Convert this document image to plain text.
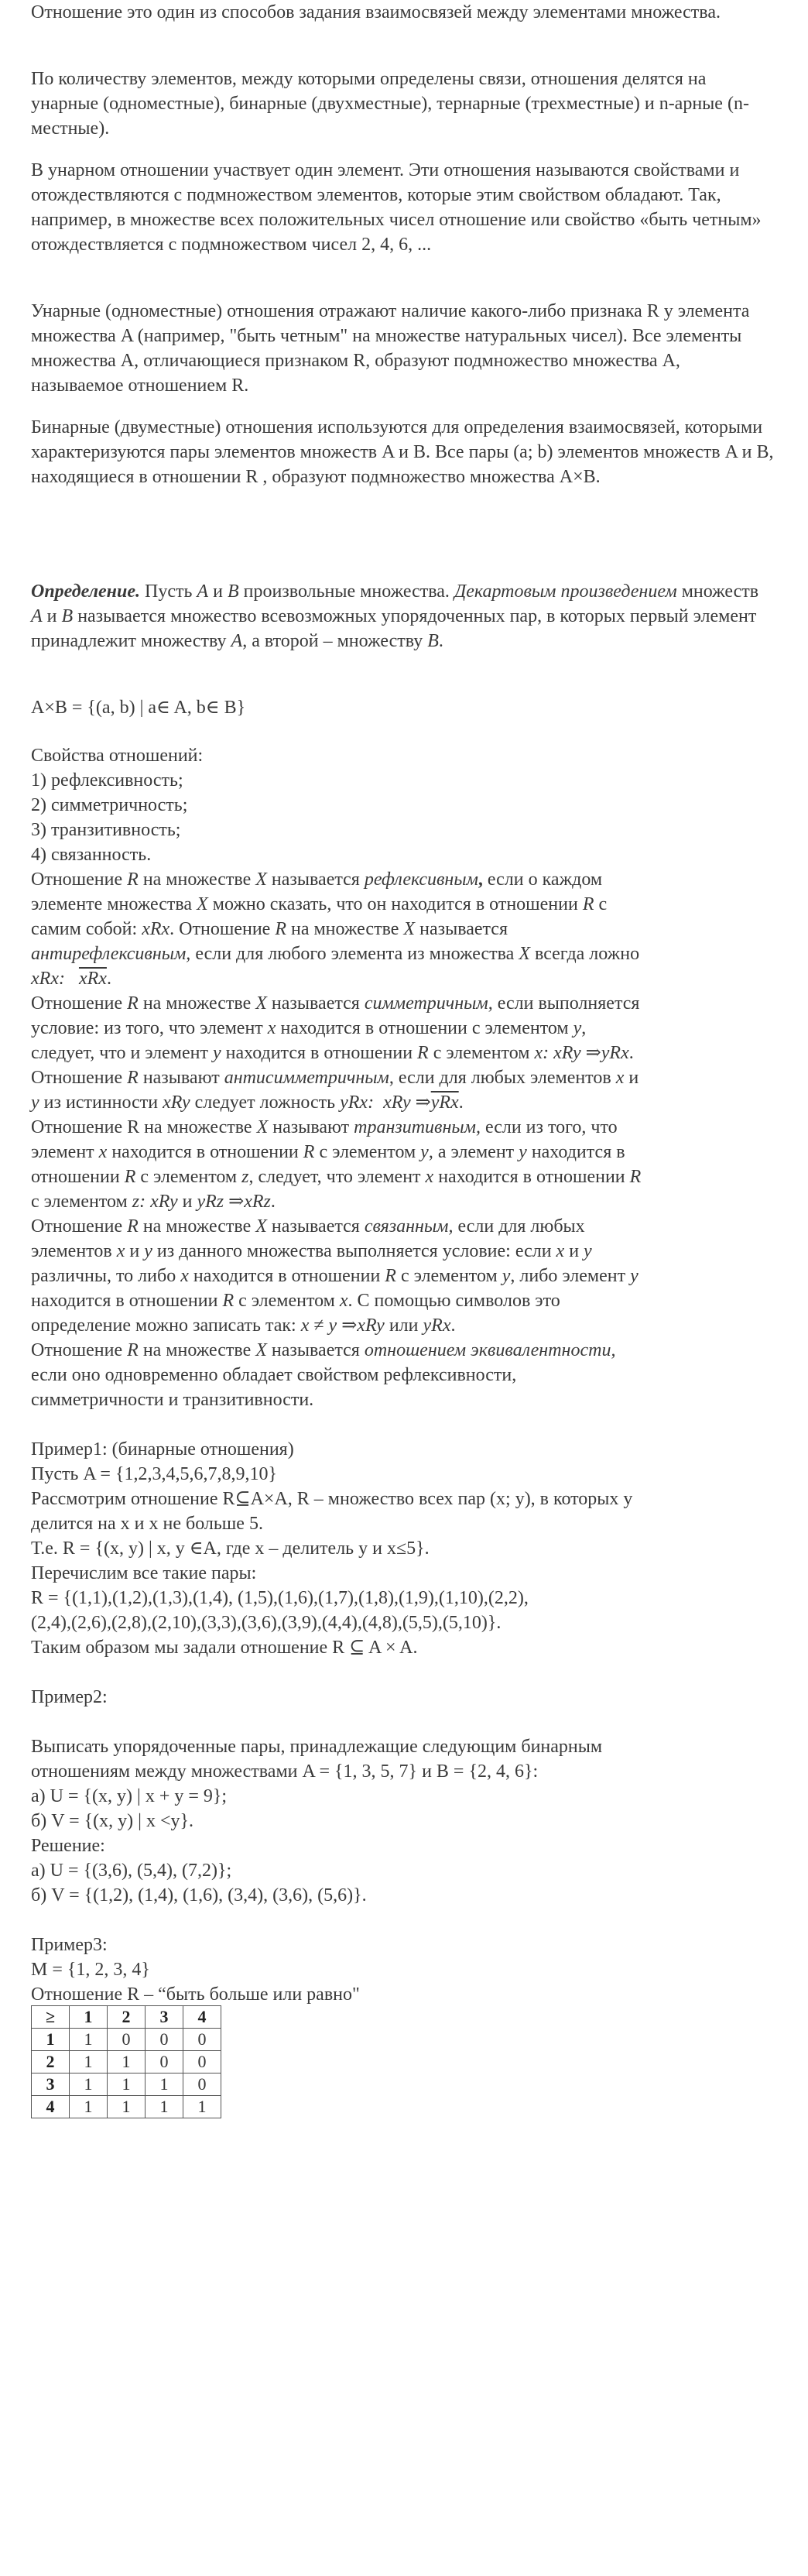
Отношение это один из способов задания взаимосвязей между элементами множества.
По количеству элементов, между которыми определены связи, отношения делятся на унарные (одноместные), бинарные (двухместные), тернарные (трехместные) и n-арные (n-местные).
В унарном отношении участвует один элемент. Эти отношения называются свойствами и отождествляются с подмножеством элементов, которые этим свойством обладают. Так, например, в множестве всех положительных чисел отношение или свойство «быть четным» отождествляется с подмножеством чисел 2, 4, 6, ...
Унарные (одноместные) отношения отражают наличие какого-либо признака R у элемента множества A (например, "быть четным" на множестве натуральных чисел). Все элементы множества A, отличающиеся признаком R, образуют подмножество множества A, называемое отношением R.
Бинарные (двуместные) отношения используются для определения взаимосвязей, которыми характеризуются пары элементов множеств A и B. Все пары (a; b) элементов множеств A и B, находящиеся в отношении R , образуют подмножество множества A×B.
Определение. Пусть A и B произвольные множества. Декартовым произведением множеств A и B называется множество всевозможных упорядоченных пар, в которых первый элемент принадлежит множеству A, а второй – множеству B.
A×B = {(a, b) | a∈ A, b∈ B}
Свойства отношений:
1) рефлексивность;
2) симметричность;
3) транзитивность;
4) связанность.
Отношение R на множестве X называется рефлексивным, если о каждом
элементе множества X можно сказать, что он находится в отношении R с
самим собой: xRx. Отношение R на множестве X называется
антирефлексивным, если для любого элемента из множества X всегда ложно
xRx: $\overline{xRx}$.
Отношение R на множестве X называется симметричным, если выполняется
условие: из того, что элемент x находится в отношении с элементом y,
следует, что и элемент y находится в отношении R с элементом x: xRy ⇒yRx.
Отношение R называют антисимметричным, если для любых элементов x и
y из истинности xRy следует ложность yRx: xRy $\Rightarrow\overline{yRx}$.
Отношение R на множестве X называют транзитивным, если из того, что
элемент x находится в отношении R с элементом y, а элемент y находится в
отношении R с элементом z, следует, что элемент x находится в отношении R
с элементом z: xRy и yRz ⇒xRz.
Отношение R на множестве X называется связанным, если для любых
элементов x и y из данного множества выполняется условие: если x и y
различны, то либо x находится в отношении R с элементом y, либо элемент y
находится в отношении R с элементом x. С помощью символов это
определение можно записать так: x ≠ y ⇒xRy или yRx.
Отношение R на множестве X называется отношением эквивалентности,
если оно одновременно обладает свойством рефлексивности,
симметричности и транзитивности.
Пример1: (бинарные отношения)
Пусть A = {1,2,3,4,5,6,7,8,9,10}
Рассмотрим отношение R⊆A×A, R – множество всех пар (x; y), в которых y
делится на x и x не больше 5.
Т.е. R = {(x, y) | x, y ∈A, где x – делитель y и x≤5}.
Перечислим все такие пары:
R = {(1,1),(1,2),(1,3),(1,4), (1,5),(1,6),(1,7),(1,8),(1,9),(1,10),(2,2),
(2,4),(2,6),(2,8),(2,10),(3,3),(3,6),(3,9),(4,4),(4,8),(5,5),(5,10)}.
Таким образом мы задали отношение R ⊆ A × A.
Пример2:
Выписать упорядоченные пары, принадлежащие следующим бинарным
отношениям между множествами A = {1, 3, 5, 7} и B = {2, 4, 6}:
а) U = {(x, y) | x + y = 9};
б) V = {(x, y) | x <y}.
Решение:
а) U = {(3,6), (5,4), (7,2)};
б) V = {(1,2), (1,4), (1,6), (3,4), (3,6), (5,6)}.
Пример3:
M = {1, 2, 3, 4}
Отношение R – “быть больше или равно"
≥	1	2	3	4
1	1	0	0	0
2	1	1	0	0
3	1	1	1	0
4	1	1	1	1
